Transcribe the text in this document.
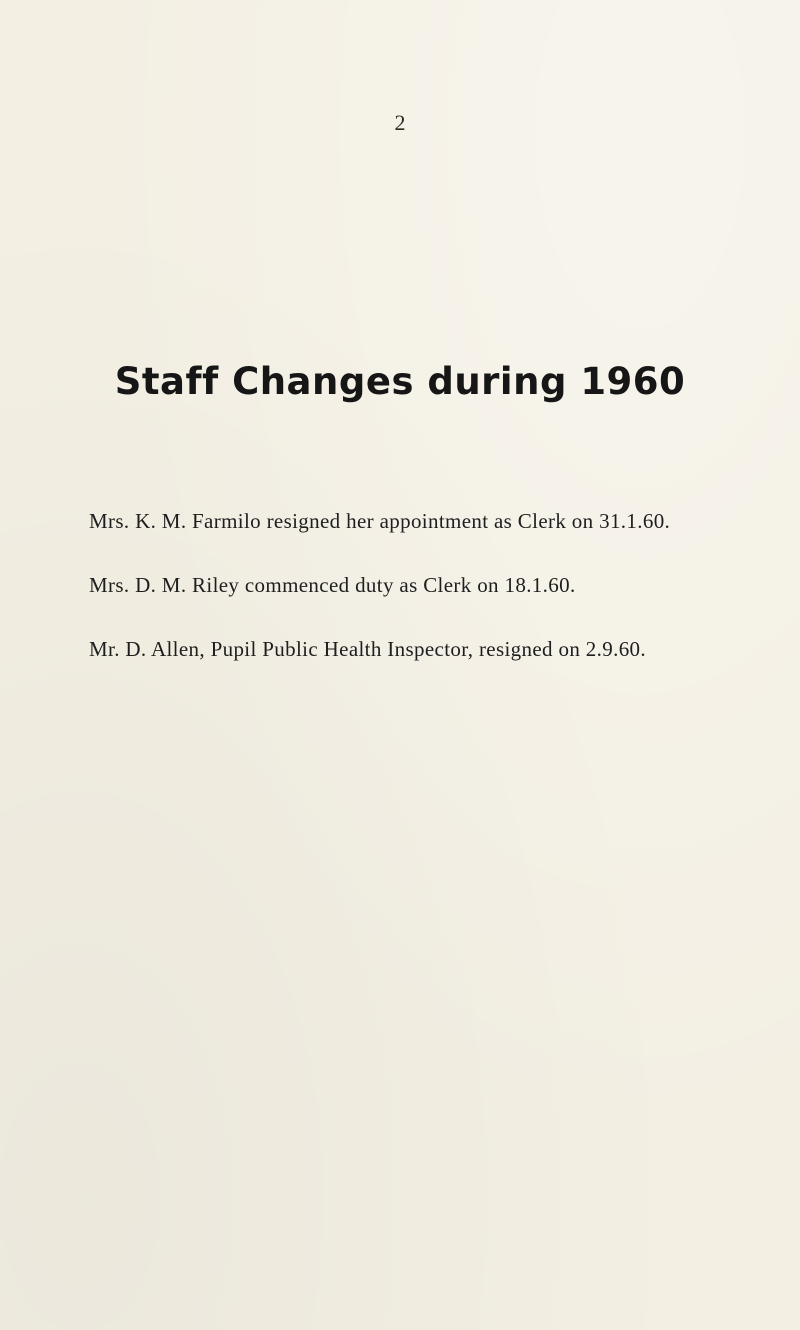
2
Staff Changes during 1960

Mrs. K. M. Farmilo resigned her appointment as Clerk on 31.1.60.

Mrs. D. M. Riley commenced duty as Clerk on 18.1.60.

Mr. D. Allen, Pupil Public Health Inspector, resigned on 2.9.60.
